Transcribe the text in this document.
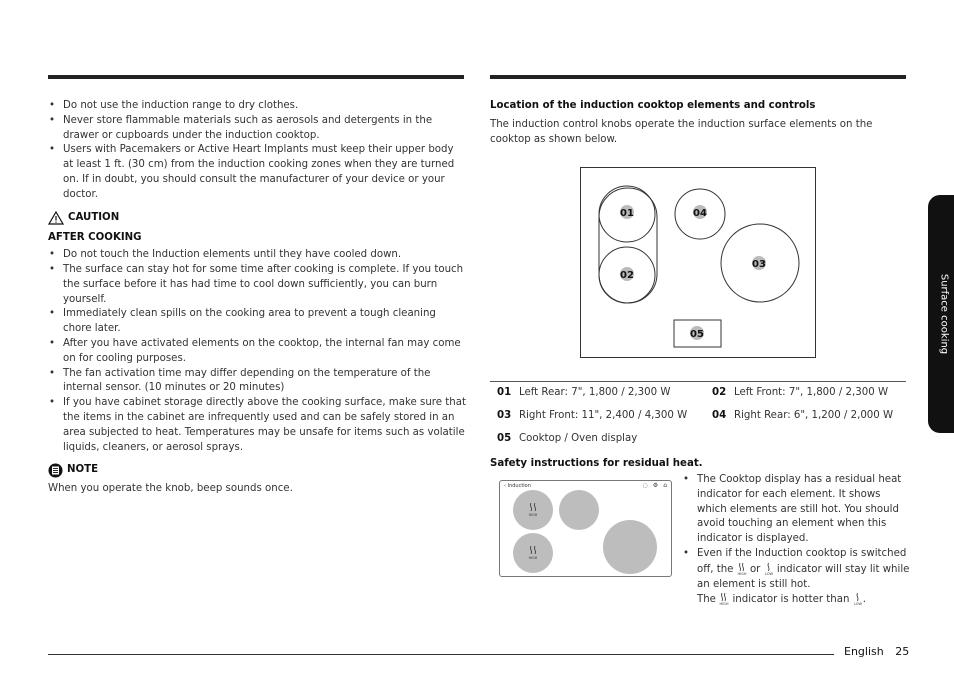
• Do not use the induction range to dry clothes.
• Never store flammable materials such as aerosols and detergents in the drawer or cupboards under the induction cooktop.
• Users with Pacemakers or Active Heart Implants must keep their upper body at least 1 ft. (30 cm) from the induction cooking zones when they are turned on. If in doubt, you should consult the manufacturer of your device or your doctor.
CAUTION
AFTER COOKING
• Do not touch the Induction elements until they have cooled down.
• The surface can stay hot for some time after cooking is complete. If you touch the surface before it has had time to cool down sufficiently, you can burn yourself.
• Immediately clean spills on the cooking area to prevent a tough cleaning chore later.
• After you have activated elements on the cooktop, the internal fan may come on for cooling purposes.
• The fan activation time may differ depending on the temperature of the internal sensor. (10 minutes or 20 minutes)
• If you have cabinet storage directly above the cooking surface, make sure that the items in the cabinet are infrequently used and can be safely stored in an area subjected to heat. Temperatures may be unsafe for items such as volatile liquids, cleaners, or aerosol sprays.
NOTE
When you operate the knob, beep sounds once.
Location of the induction cooktop elements and controls
The induction control knobs operate the induction surface elements on the cooktop as shown below.
01
02
03
04
05
01	Left Rear: 7", 1,800 / 2,300 W	02	Left Front: 7", 1,800 / 2,300 W
03	Right Front: 11", 2,400 / 4,300 W	04	Right Rear: 6", 1,200 / 2,000 W
05	Cooktop / Oven display		
Safety instructions for residual heat.
‹ Induction	◌ ⚙ ⌂
HIGH
HIGH
• The Cooktop display has a residual heat indicator for each element. It shows which elements are still hot. You should avoid touching an element when this indicator is displayed.
• Even if the Induction cooktop is switched off, the HIGH or LOW indicator will stay lit while an element is still hot.
The HIGH indicator is hotter than LOW .
Surface cooking
English 25
